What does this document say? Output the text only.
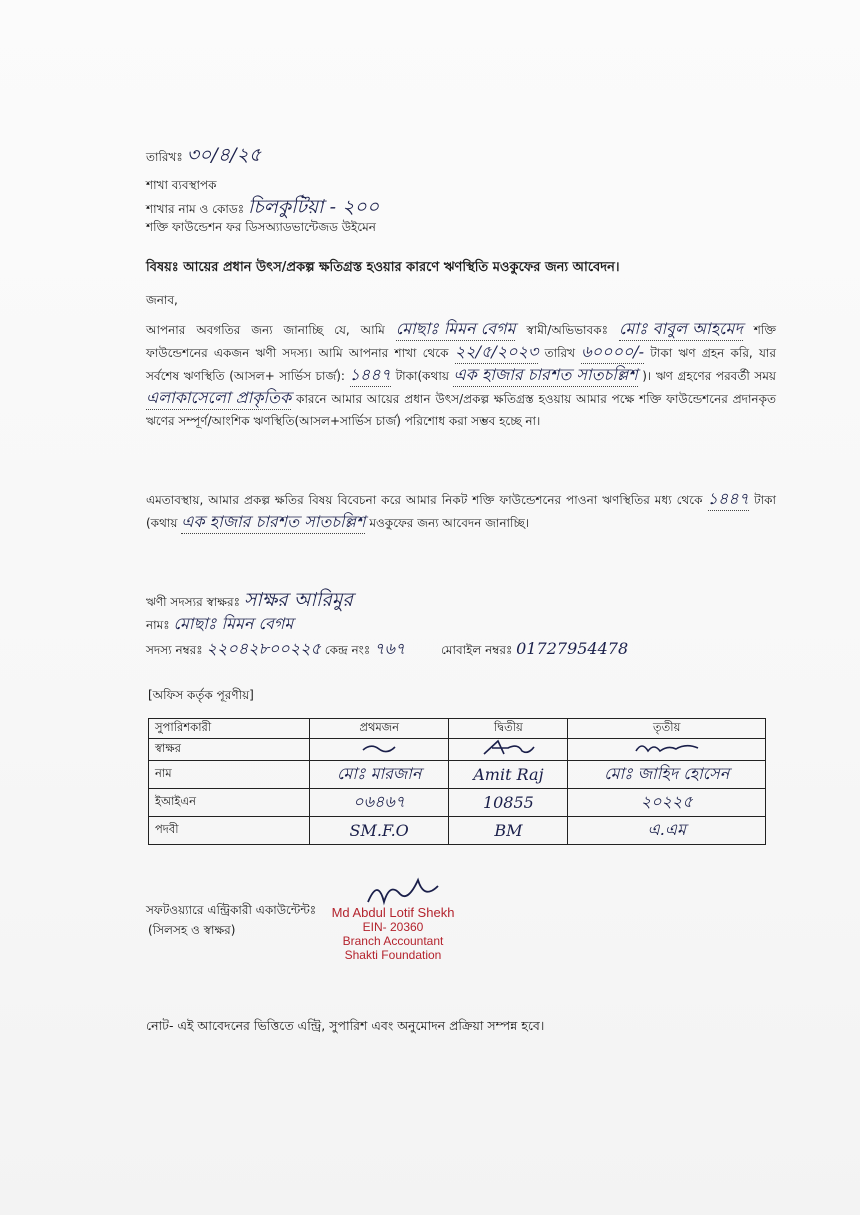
তারিখঃ ৩০/৪/২৫
শাখা ব্যবস্থাপক
শাখার নাম ও কোডঃ চিলকুটিয়া - ২০০
শক্তি ফাউন্ডেশন ফর ডিসঅ্যাডভান্টেজড উইমেন
বিষয়ঃ আয়ের প্রধান উৎস/প্রকল্প ক্ষতিগ্রস্ত হওয়ার কারণে ঋণস্থিতি মওকুফের জন্য আবেদন।
জনাব,
আপনার অবগতির জন্য জানাচ্ছি যে, আমি মোছাঃ মিমন বেগম স্বামী/অভিভাবকঃ মোঃ বাবুল আহমেদ শক্তি ফাউন্ডেশনের একজন ঋণী সদস্য। আমি আপনার শাখা থেকে ২২/৫/২০২৩ তারিখ ৬০০০০/- টাকা ঋণ গ্রহন করি, যার সর্বশেষ ঋণস্থিতি (আসল+ সার্ভিস চার্জ): ১৪৪৭ টাকা(কথায় এক হাজার চারশত সাতচল্লিশ )। ঋণ গ্রহণের পরবর্তী সময় এলাকাসেলো প্রাকৃতিক কারনে আমার আয়ের প্রধান উৎস/প্রকল্প ক্ষতিগ্রস্ত হওয়ায় আমার পক্ষে শক্তি ফাউন্ডেশনের প্রদানকৃত ঋণের সম্পূর্ণ/আংশিক ঋণস্থিতি(আসল+সার্ভিস চার্জ) পরিশোধ করা সম্ভব হচ্ছে না।
এমতাবস্থায়, আমার প্রকল্প ক্ষতির বিষয় বিবেচনা করে আমার নিকট শক্তি ফাউন্ডেশনের পাওনা ঋণস্থিতির মধ্য থেকে ১৪৪৭ টাকা (কথায় এক হাজার চারশত সাতচল্লিশ মওকুফের জন্য আবেদন জানাচ্ছি।
ঋণী সদস্যর স্বাক্ষরঃ সাক্ষর আরিমুর
নামঃ মোছাঃ মিমন বেগম
সদস্য নম্বরঃ ২২০৪২৮০০২২৫ কেন্দ্র নংঃ ৭৬৭	মোবাইল নম্বরঃ 01727954478
[অফিস কর্তৃক পূরণীয়]
সুপারিশকারী	প্রথমজন	দ্বিতীয়	তৃতীয়
স্বাক্ষর			
নাম	মোঃ মারজান	Amit Raj	মোঃ জাহিদ হোসেন
ইআইএন	০৬৪৬৭	10855	২০২২৫
পদবী	SM.F.O	BM	এ.এম
সফটওয়্যারে এন্ট্রিকারী একাউন্টেন্টঃ
(সিলসহ ও স্বাক্ষর)
Md Abdul Lotif Shekh
EIN- 20360
Branch Accountant
Shakti Foundation
নোট- এই আবেদনের ভিত্তিতে এন্ট্রি, সুপারিশ এবং অনুমোদন প্রক্রিয়া সম্পন্ন হবে।
